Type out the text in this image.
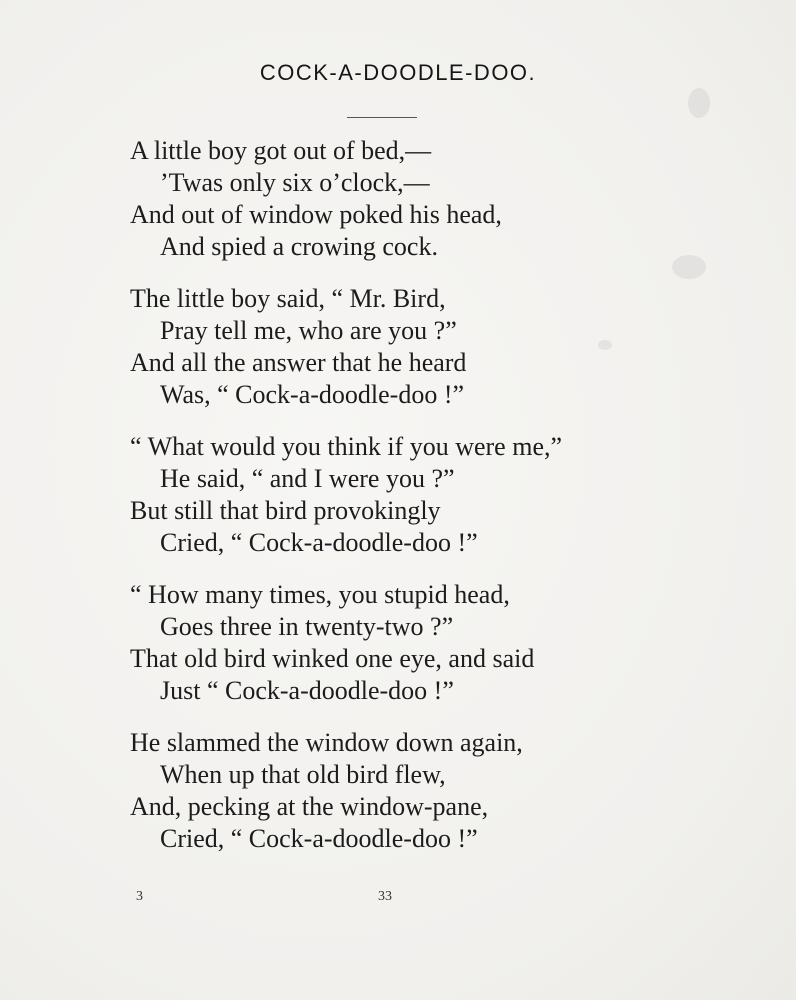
COCK-A-DOODLE-DOO.
A little boy got out of bed,—
’Twas only six o’clock,—
And out of window poked his head,
And spied a crowing cock.
The little boy said, “ Mr. Bird,
Pray tell me, who are you ?”
And all the answer that he heard
Was, “ Cock-a-doodle-doo !”
“ What would you think if you were me,”
He said, “ and I were you ?”
But still that bird provokingly
Cried, “ Cock-a-doodle-doo !”
“ How many times, you stupid head,
Goes three in twenty-two ?”
That old bird winked one eye, and said
Just “ Cock-a-doodle-doo !”
He slammed the window down again,
When up that old bird flew,
And, pecking at the window-pane,
Cried, “ Cock-a-doodle-doo !”
3	33
